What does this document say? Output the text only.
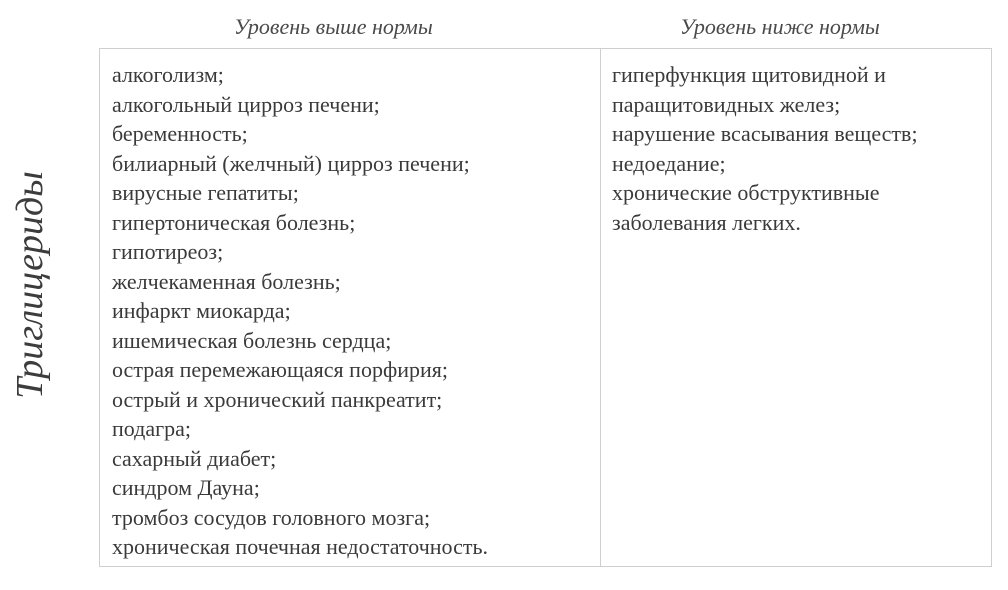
Уровень выше нормы	Уровень ниже нормы
Триглицериды
алкоголизм;
алкогольный цирроз печени;
беременность;
билиарный (желчный) цирроз печени;
вирусные гепатиты;
гипертоническая болезнь;
гипотиреоз;
желчекаменная болезнь;
инфаркт миокарда;
ишемическая болезнь сердца;
острая перемежающаяся порфирия;
острый и хронический панкреатит;
подагра;
сахарный диабет;
синдром Дауна;
тромбоз сосудов головного мозга;
хроническая почечная недостаточность.
гиперфункция щитовидной и
паращитовидных желез;
нарушение всасывания веществ;
недоедание;
хронические обструктивные
заболевания легких.
